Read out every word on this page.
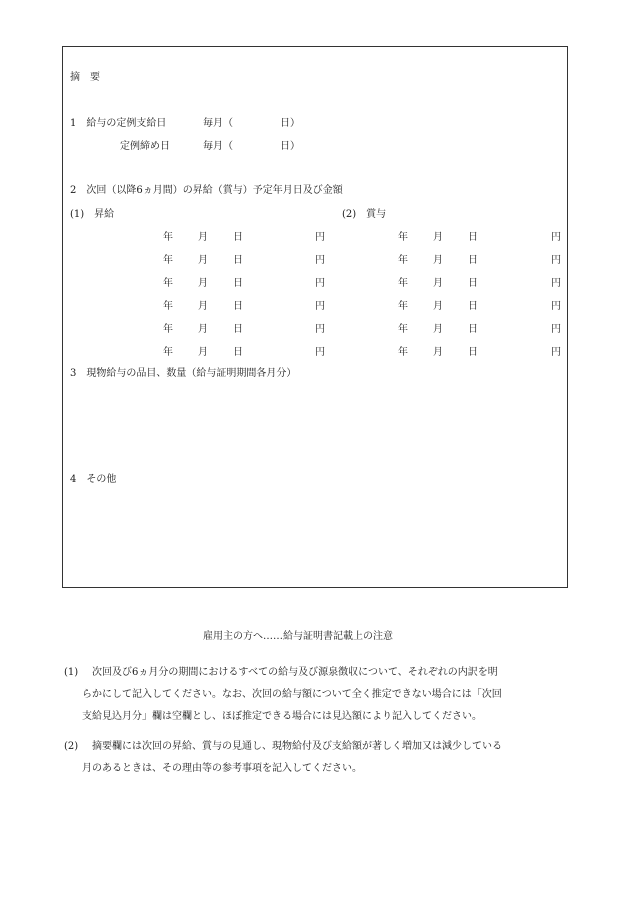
摘　要
1　給与の定例支給日	毎月（	日）
定例締め日	毎月（	日）
2　次回（以降6ヵ月間）の昇給（賞与）予定年月日及び金額
(1)　昇給	(2)　賞与
年	月	日	円	年	月	日	円
年	月	日	円	年	月	日	円
年	月	日	円	年	月	日	円
年	月	日	円	年	月	日	円
年	月	日	円	年	月	日	円
年	月	日	円	年	月	日	円
3　現物給与の品目、数量（給与証明期間各月分）
4　その他
雇用主の方へ……給与証明書記載上の注意
(1) 次回及び6ヵ月分の期間におけるすべての給与及び源泉徴収について、それぞれの内訳を明
らかにして記入してください。なお、次回の給与額について全く推定できない場合には「次回
支給見込月分」欄は空欄とし、ほぼ推定できる場合には見込額により記入してください。
(2) 摘要欄には次回の昇給、賞与の見通し、現物給付及び支給額が著しく増加又は減少している
月のあるときは、その理由等の参考事項を記入してください。
